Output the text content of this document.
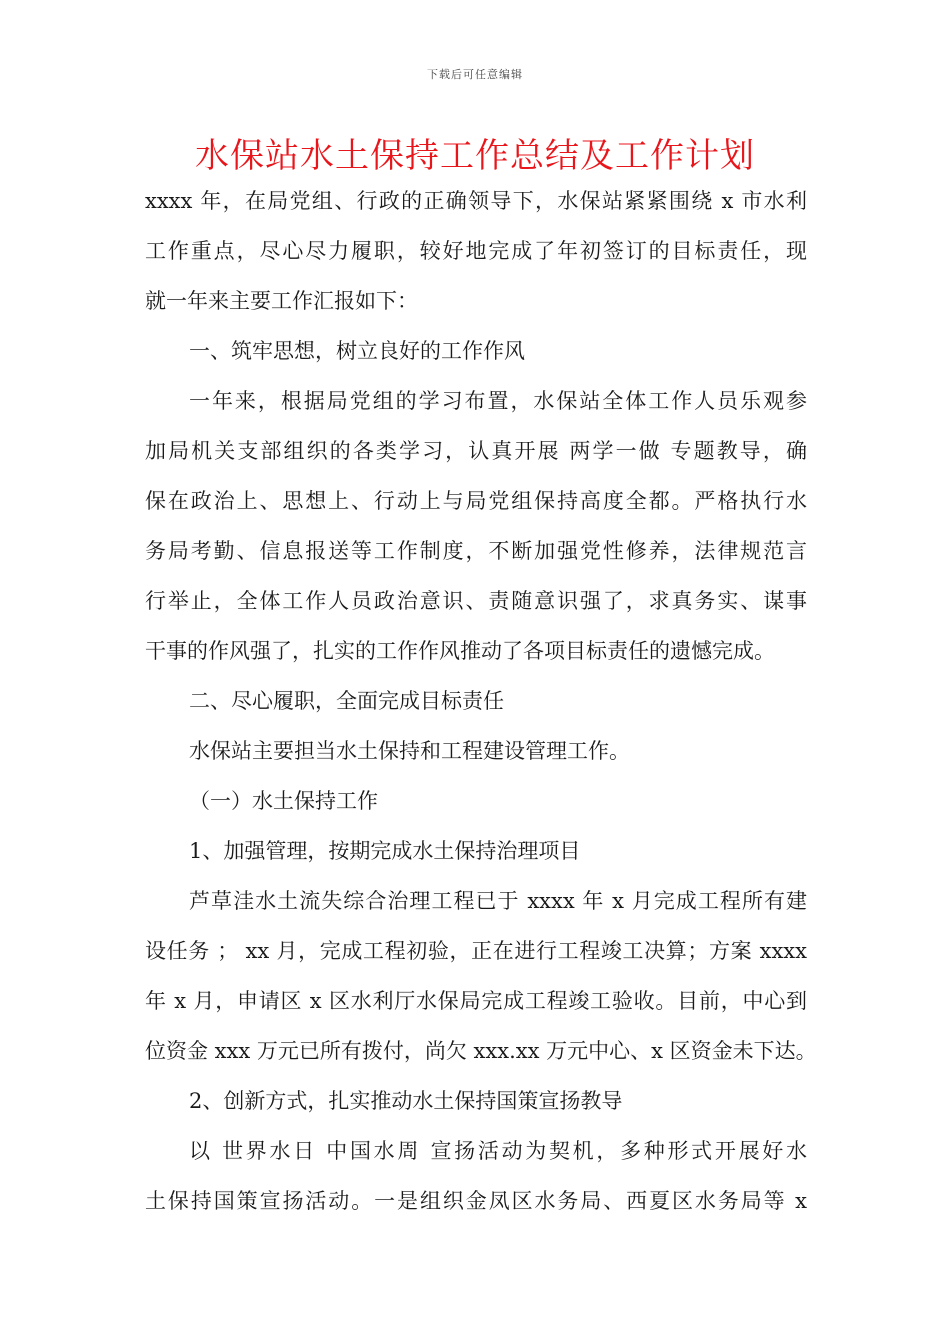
下载后可任意编辑
水保站水土保持工作总结及工作计划
xxxx 年，在局党组、行政的正确领导下，水保站紧紧围绕 x 市水利
工作重点，尽心尽力履职，较好地完成了年初签订的目标责任，现
就一年来主要工作汇报如下：
一、筑牢思想，树立良好的工作作风
一年来，根据局党组的学习布置，水保站全体工作人员乐观参
加局机关支部组织的各类学习，认真开展 两学一做 专题教导，确
保在政治上、思想上、行动上与局党组保持高度全都。严格执行水
务局考勤、信息报送等工作制度，不断加强党性修养，法律规范言
行举止，全体工作人员政治意识、责随意识强了，求真务实、谋事
干事的作风强了，扎实的工作作风推动了各项目标责任的遗憾完成。
二、尽心履职，全面完成目标责任
水保站主要担当水土保持和工程建设管理工作。
（一）水土保持工作
1、加强管理，按期完成水土保持治理项目
芦草洼水土流失综合治理工程已于 xxxx 年 x 月完成工程所有建
设任务 ； xx 月，完成工程初验，正在进行工程竣工决算；方案 xxxx
年 x 月，申请区 x 区水利厅水保局完成工程竣工验收。目前，中心到
位资金 xxx 万元已所有拨付，尚欠 xxx.xx 万元中心、x 区资金未下达。
2、创新方式，扎实推动水土保持国策宣扬教导
以 世界水日 中国水周 宣扬活动为契机，多种形式开展好水
土保持国策宣扬活动。一是组织金凤区水务局、西夏区水务局等 x
